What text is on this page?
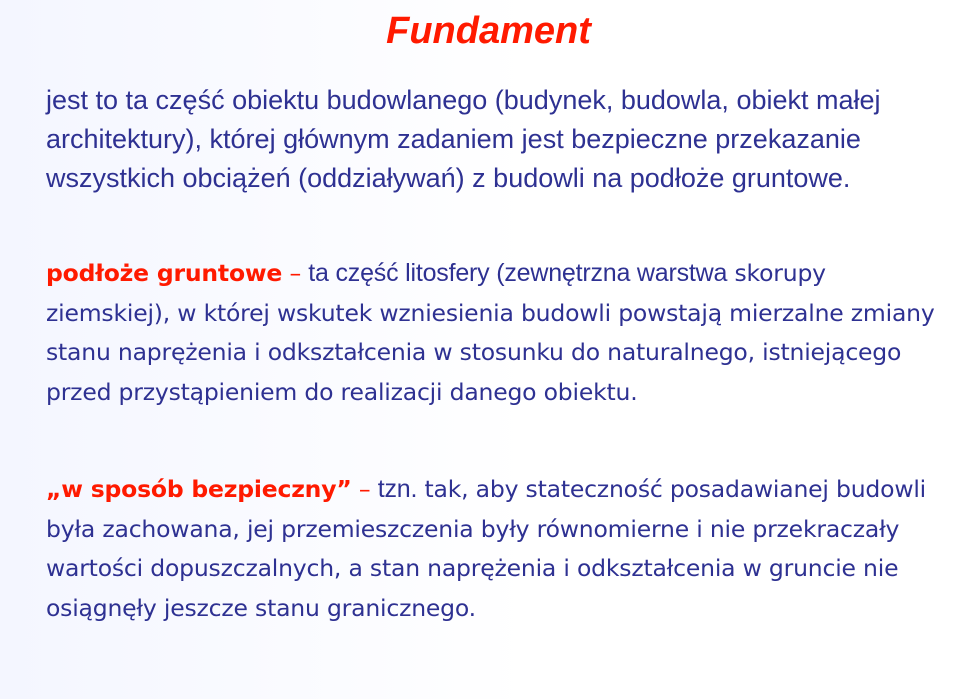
Fundament

jest to ta część obiektu budowlanego (budynek, budowla, obiekt małej architektury), której głównym zadaniem jest bezpieczne przekazanie wszystkich obciążeń (oddziaływań) z budowli na podłoże gruntowe.

podłoże gruntowe – ta część litosfery (zewnętrzna warstwa skorupy ziemskiej), w której wskutek wzniesienia budowli powstają mierzalne zmiany stanu naprężenia i odkształcenia w stosunku do naturalnego, istniejącego przed przystąpieniem do realizacji danego obiektu.

„w sposób bezpieczny” – tzn. tak, aby stateczność posadawianej budowli była zachowana, jej przemieszczenia były równomierne i nie przekraczały wartości dopuszczalnych, a stan naprężenia i odkształcenia w gruncie nie osiągnęły jeszcze stanu granicznego.
